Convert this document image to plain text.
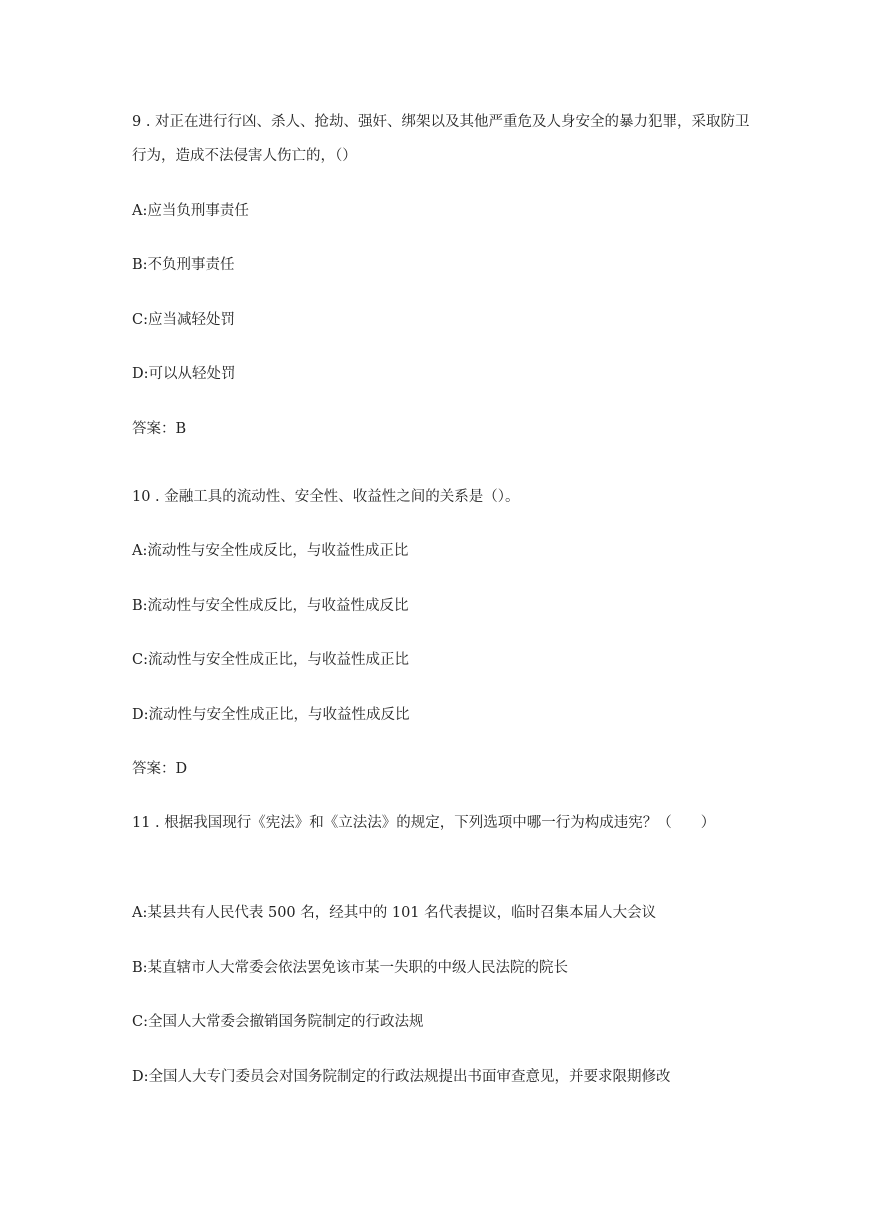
9 . 对正在进行行凶、杀人、抢劫、强奸、绑架以及其他严重危及人身安全的暴力犯罪，采取防卫行为，造成不法侵害人伤亡的，（）
A:应当负刑事责任
B:不负刑事责任
C:应当减轻处罚
D:可以从轻处罚
答案：B
10 . 金融工具的流动性、安全性、收益性之间的关系是（）。
A:流动性与安全性成反比，与收益性成正比
B:流动性与安全性成反比，与收益性成反比
C:流动性与安全性成正比，与收益性成正比
D:流动性与安全性成正比，与收益性成反比
答案：D
11 . 根据我国现行《宪法》和《立法法》的规定，下列选项中哪一行为构成违宪？（　　）
A:某县共有人民代表 500 名，经其中的 101 名代表提议，临时召集本届人大会议
B:某直辖市人大常委会依法罢免该市某一失职的中级人民法院的院长
C:全国人大常委会撤销国务院制定的行政法规
D:全国人大专门委员会对国务院制定的行政法规提出书面审查意见，并要求限期修改
